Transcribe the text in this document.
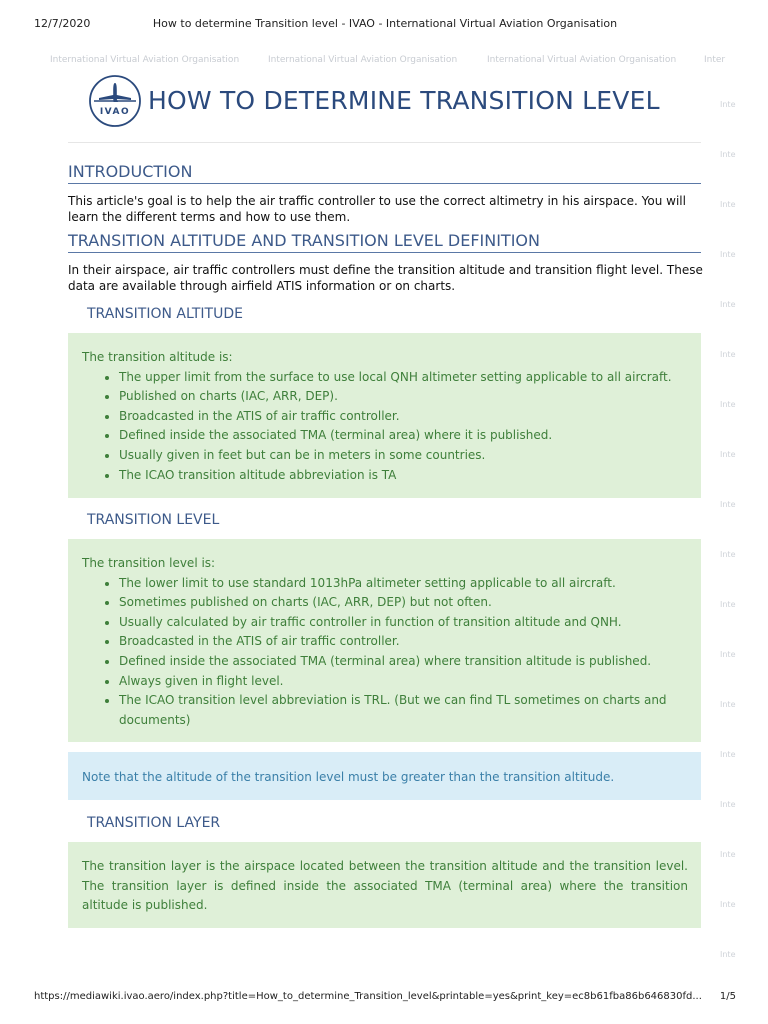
12/7/2020	How to determine Transition level - IVAO - International Virtual Aviation Organisation
International Virtual Aviation Organisation	International Virtual Aviation Organisation	International Virtual Aviation Organisation	Inter
Inte
Inte
Inte
Inte
Inte
Inte
Inte
Inte
Inte
Inte
Inte
Inte
Inte
Inte
Inte
Inte
Inte
Inte
IVAO HOW TO DETERMINE TRANSITION LEVEL
INTRODUCTION
This article's goal is to help the air traffic controller to use the correct altimetry in his airspace. You will learn the different terms and how to use them.
TRANSITION ALTITUDE AND TRANSITION LEVEL DEFINITION
In their airspace, air traffic controllers must define the transition altitude and transition flight level. These data are available through airfield ATIS information or on charts.
TRANSITION ALTITUDE
The transition altitude is:
• The upper limit from the surface to use local QNH altimeter setting applicable to all aircraft.
• Published on charts (IAC, ARR, DEP).
• Broadcasted in the ATIS of air traffic controller.
• Defined inside the associated TMA (terminal area) where it is published.
• Usually given in feet but can be in meters in some countries.
• The ICAO transition altitude abbreviation is TA
TRANSITION LEVEL
The transition level is:
• The lower limit to use standard 1013hPa altimeter setting applicable to all aircraft.
• Sometimes published on charts (IAC, ARR, DEP) but not often.
• Usually calculated by air traffic controller in function of transition altitude and QNH.
• Broadcasted in the ATIS of air traffic controller.
• Defined inside the associated TMA (terminal area) where transition altitude is published.
• Always given in flight level.
• The ICAO transition level abbreviation is TRL. (But we can find TL sometimes on charts and documents)
Note that the altitude of the transition level must be greater than the transition altitude.
TRANSITION LAYER
The transition layer is the airspace located between the transition altitude and the transition level. The transition layer is defined inside the associated TMA (terminal area) where the transition altitude is published.
https://mediawiki.ivao.aero/index.php?title=How_to_determine_Transition_level&printable=yes&print_key=ec8b61fba86b646830fd... 1/5
